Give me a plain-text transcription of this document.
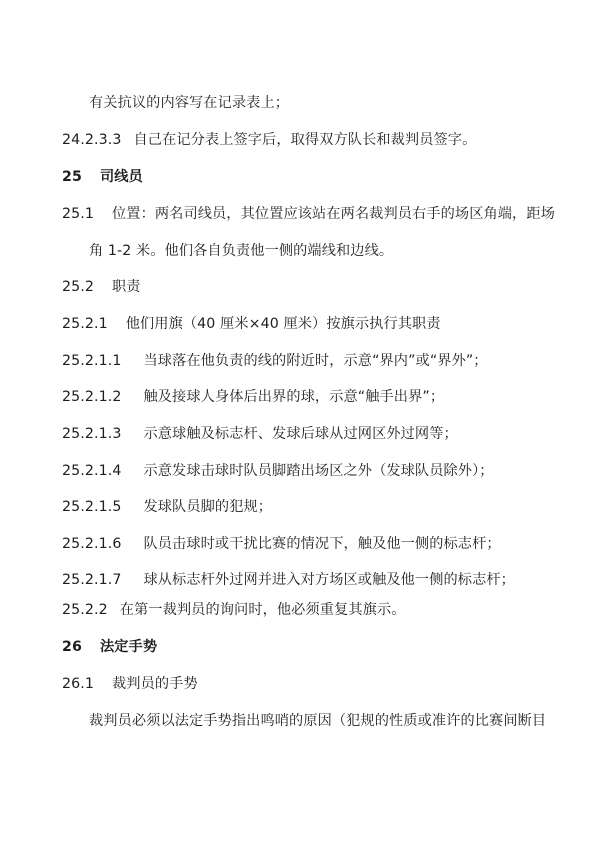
有关抗议的内容写在记录表上；
24.2.3.3 自己在记分表上签字后，取得双方队长和裁判员签字。
25 司线员
25.1 位置：两名司线员，其位置应该站在两名裁判员右手的场区角端，距场
角 1-2 米。他们各自负责他一侧的端线和边线。
25.2 职责
25.2.1 他们用旗（40 厘米×40 厘米）按旗示执行其职责
25.2.1.1 当球落在他负责的线的附近时，示意“界内”或“界外”；
25.2.1.2 触及接球人身体后出界的球，示意“触手出界”；
25.2.1.3 示意球触及标志杆、发球后球从过网区外过网等；
25.2.1.4 示意发球击球时队员脚踏出场区之外（发球队员除外）；
25.2.1.5 发球队员脚的犯规；
25.2.1.6 队员击球时或干扰比赛的情况下，触及他一侧的标志杆；
25.2.1.7 球从标志杆外过网并进入对方场区或触及他一侧的标志杆；
25.2.2 在第一裁判员的询问时，他必须重复其旗示。
26 法定手势
26.1 裁判员的手势
裁判员必须以法定手势指出鸣哨的原因（犯规的性质或准许的比赛间断目
